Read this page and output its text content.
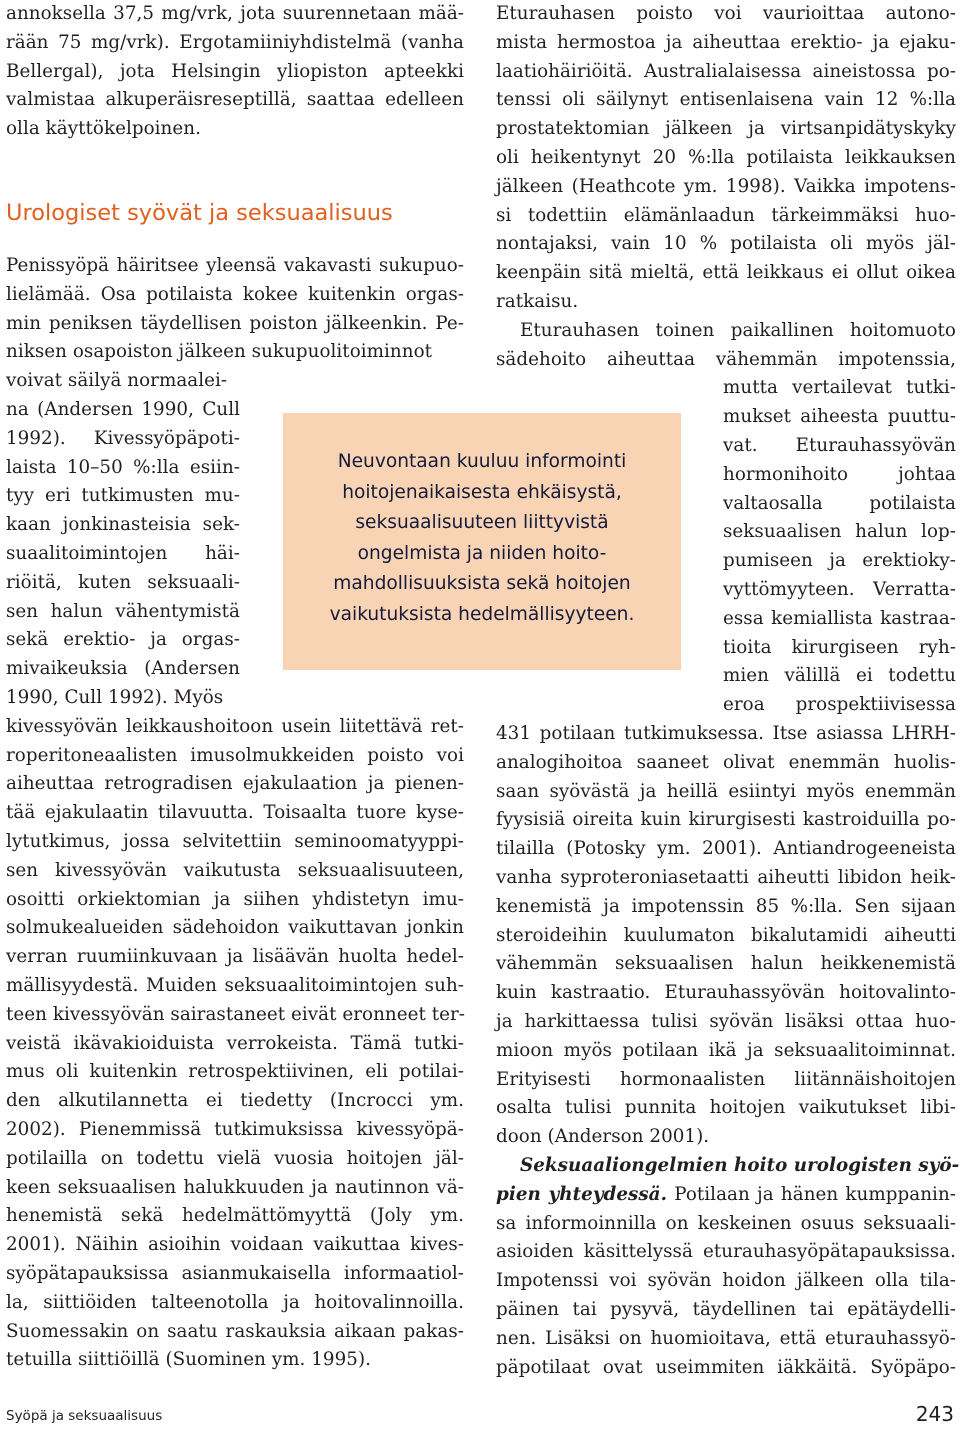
annoksella 37,5 mg/vrk, jota suurennetaan mää-
rään 75 mg/vrk). Ergotamiiniyhdistelmä (vanha
Bellergal), jota Helsingin yliopiston apteekki
valmistaa alkuperäisreseptillä, saattaa edelleen
olla käyttökelpoinen.
Penissyöpä häiritsee yleensä vakavasti sukupuo-
lielämää. Osa potilaista kokee kuitenkin orgas-
min peniksen täydellisen poiston jälkeenkin. Pe-
niksen osapoiston jälkeen sukupuolitoiminnot
voivat säilyä normaalei-
na (Andersen 1990, Cull
1992). Kivessyöpäpoti-
laista 10–50 %:lla esiin-
tyy eri tutkimusten mu-
kaan jonkinasteisia sek-
suaalitoimintojen häi-
riöitä, kuten seksuaali-
sen halun vähentymistä
sekä erektio- ja orgas-
mivaikeuksia (Andersen
1990, Cull 1992). Myös
kivessyövän leikkaushoitoon usein liitettävä ret-
roperitoneaalisten imusolmukkeiden poisto voi
aiheuttaa retrogradisen ejakulaation ja pienen-
tää ejakulaatin tilavuutta. Toisaalta tuore kyse-
lytutkimus, jossa selvitettiin seminoomatyyppi-
sen kivessyövän vaikutusta seksuaalisuuteen,
osoitti orkiektomian ja siihen yhdistetyn imu-
solmukealueiden sädehoidon vaikuttavan jonkin
verran ruumiinkuvaan ja lisäävän huolta hedel-
mällisyydestä. Muiden seksuaalitoimintojen suh-
teen kivessyövän sairastaneet eivät eronneet ter-
veistä ikävakioiduista verrokeista. Tämä tutki-
mus oli kuitenkin retrospektiivinen, eli potilai-
den alkutilannetta ei tiedetty (Incrocci ym.
2002). Pienemmissä tutkimuksissa kivessyöpä-
potilailla on todettu vielä vuosia hoitojen jäl-
keen seksuaalisen halukkuuden ja nautinnon vä-
henemistä sekä hedelmättömyyttä (Joly ym.
2001). Näihin asioihin voidaan vaikuttaa kives-
syöpätapauksissa asianmukaisella informaatiol-
la, siittiöiden talteenotolla ja hoitovalinnoilla.
Suomessakin on saatu raskauksia aikaan pakas-
tetuilla siittiöillä (Suominen ym. 1995).
Urologiset syövät ja seksuaalisuus
Eturauhasen poisto voi vaurioittaa autono-
mista hermostoa ja aiheuttaa erektio- ja ejaku-
laatiohäiriöitä. Australialaisessa aineistossa po-
tenssi oli säilynyt entisenlaisena vain 12 %:lla
prostatektomian jälkeen ja virtsanpidätyskyky
oli heikentynyt 20 %:lla potilaista leikkauksen
jälkeen (Heathcote ym. 1998). Vaikka impotens-
si todettiin elämänlaadun tärkeimmäksi huo-
nontajaksi, vain 10 % potilaista oli myös jäl-
keenpäin sitä mieltä, että leikkaus ei ollut oikea
ratkaisu.
Eturauhasen toinen paikallinen hoitomuoto
sädehoito aiheuttaa vähemmän impotenssia,
mutta vertailevat tutki-
mukset aiheesta puuttu-
vat. Eturauhassyövän
hormonihoito johtaa
valtaosalla potilaista
seksuaalisen halun lop-
pumiseen ja erektioky-
vyttömyyteen. Verratta-
essa kemiallista kastraa-
tioita kirurgiseen ryh-
mien välillä ei todettu
eroa prospektiivisessa
431 potilaan tutkimuksessa. Itse asiassa LHRH-
analogihoitoa saaneet olivat enemmän huolis-
saan syövästä ja heillä esiintyi myös enemmän
fyysisiä oireita kuin kirurgisesti kastroiduilla po-
tilailla (Potosky ym. 2001). Antiandrogeeneista
vanha syproteroniasetaatti aiheutti libidon heik-
kenemistä ja impotenssin 85 %:lla. Sen sijaan
steroideihin kuulumaton bikalutamidi aiheutti
vähemmän seksuaalisen halun heikkenemistä
kuin kastraatio. Eturauhassyövän hoitovalinto-
ja harkittaessa tulisi syövän lisäksi ottaa huo-
mioon myös potilaan ikä ja seksuaalitoiminnat.
Erityisesti hormonaalisten liitännäishoitojen
osalta tulisi punnita hoitojen vaikutukset libi-
doon (Anderson 2001).
Seksuaaliongelmien hoito urologisten syö-
pien yhteydessä. Potilaan ja hänen kumppanin-
sa informoinnilla on keskeinen osuus seksuaali-
asioiden käsittelyssä eturauhasyöpätapauksissa.
Impotenssi voi syövän hoidon jälkeen olla tila-
päinen tai pysyvä, täydellinen tai epätäydelli-
nen. Lisäksi on huomioitava, että eturauhassyö-
päpotilaat ovat useimmiten iäkkäitä. Syöpäpo-
Neuvontaan kuuluu informointi
hoitojenaikaisesta ehkäisystä,
seksuaalisuuteen liittyvistä
ongelmista ja niiden hoito-
mahdollisuuksista sekä hoitojen
vaikutuksista hedelmällisyyteen.
Syöpä ja seksuaalisuus	243
